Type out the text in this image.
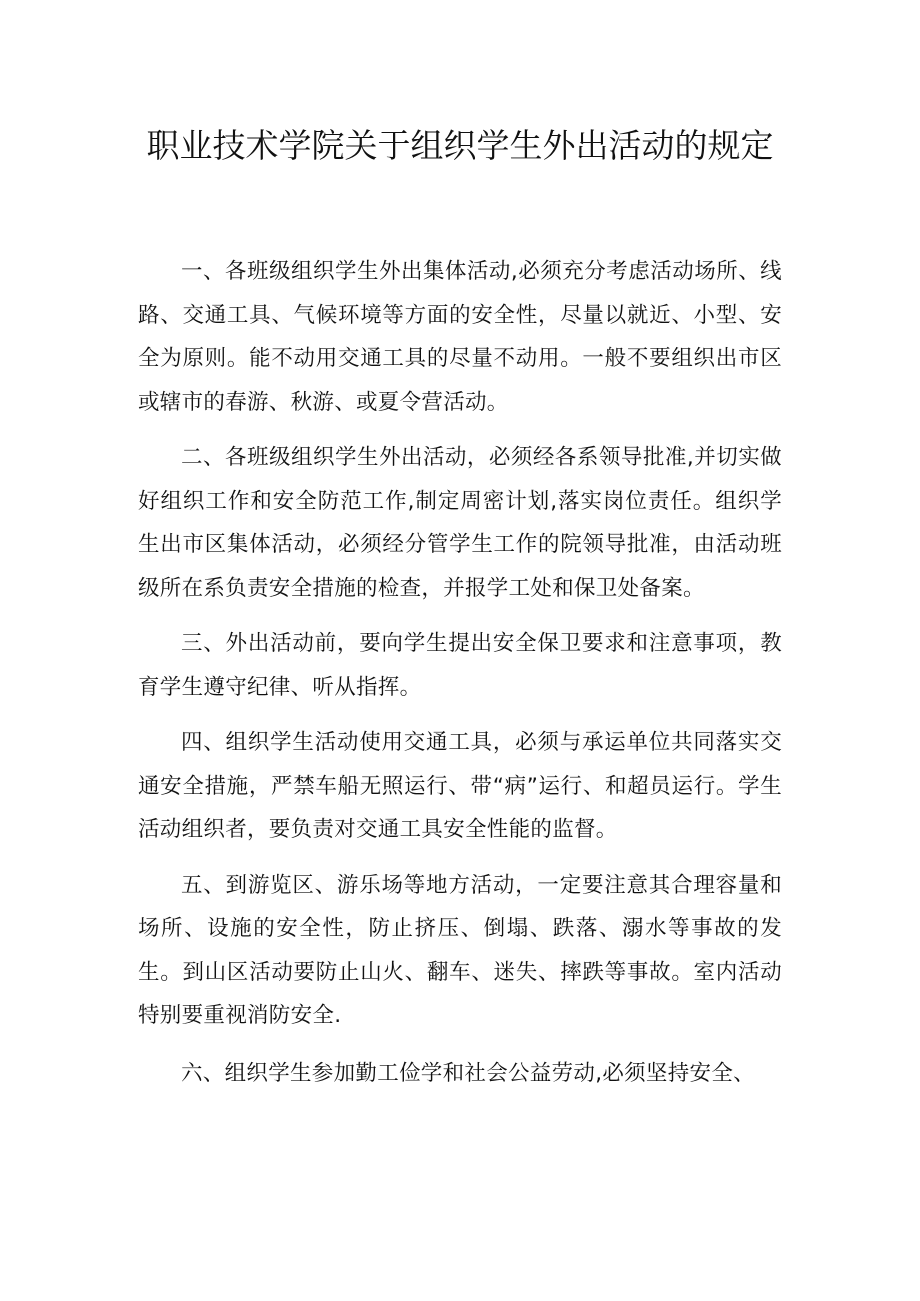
职业技术学院关于组织学生外出活动的规定

一、各班级组织学生外出集体活动,必须充分考虑活动场所、线路、交通工具、气候环境等方面的安全性，尽量以就近、小型、安全为原则。能不动用交通工具的尽量不动用。一般不要组织出市区或辖市的春游、秋游、或夏令营活动。

二、各班级组织学生外出活动，必须经各系领导批准,并切实做好组织工作和安全防范工作,制定周密计划,落实岗位责任。组织学生出市区集体活动，必须经分管学生工作的院领导批准，由活动班级所在系负责安全措施的检查，并报学工处和保卫处备案。

三、外出活动前，要向学生提出安全保卫要求和注意事项，教育学生遵守纪律、听从指挥。

四、组织学生活动使用交通工具，必须与承运单位共同落实交通安全措施，严禁车船无照运行、带“病”运行、和超员运行。学生活动组织者，要负责对交通工具安全性能的监督。

五、到游览区、游乐场等地方活动，一定要注意其合理容量和场所、设施的安全性，防止挤压、倒塌、跌落、溺水等事故的发生。到山区活动要防止山火、翻车、迷失、摔跌等事故。室内活动特别要重视消防安全.

六、组织学生参加勤工俭学和社会公益劳动,必须坚持安全、
